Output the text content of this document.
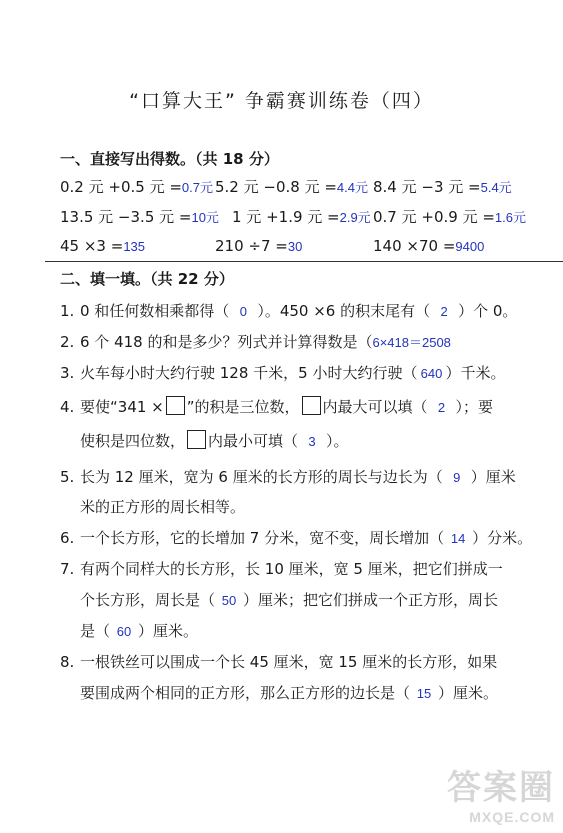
“口算大王” 争霸赛训练卷（四）
一、直接写出得数。（共 18 分）
0.2 元 +0.5 元 =0.7元 5.2 元 −0.8 元 =4.4元 8.4 元 −3 元 =5.4元
13.5 元 −3.5 元 =10元 1 元 +1.9 元 =2.9元 0.7 元 +0.9 元 =1.6元
45 ×3 =135	210 ÷7 =30	140 ×70 =9400
二、填一填。（共 22 分）
1. 0 和任何数相乘都得（ 0 ）。450 ×6 的积末尾有（ 2 ）个 0。
2. 6 个 418 的和是多少？列式并计算得数是（6×418＝2508
3. 火车每小时大约行驶 128 千米，5 小时大约行驶（ 640 ）千米。
4. 要使“341 × ”的积是三位数， 内最大可以填（ 2 ）；要
使积是四位数， 内最小可填（ 3 ）。
5. 长为 12 厘米，宽为 6 厘米的长方形的周长与边长为（ 9 ）厘米
米的正方形的周长相等。
6. 一个长方形，它的长增加 7 分米，宽不变，周长增加（ 14 ）分米。
7. 有两个同样大的长方形，长 10 厘米，宽 5 厘米，把它们拼成一
个长方形，周长是（ 50 ）厘米；把它们拼成一个正方形，周长
是（ 60 ）厘米。
8. 一根铁丝可以围成一个长 45 厘米，宽 15 厘米的长方形，如果
要围成两个相同的正方形，那么正方形的边长是（ 15 ）厘米。
答案圈
MXQE.COM
